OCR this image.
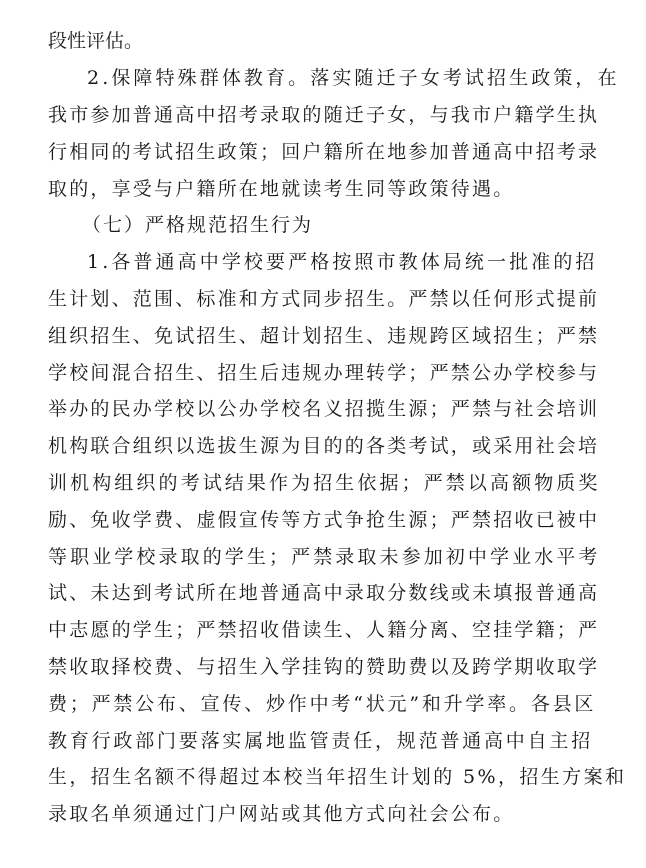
段性评估。
2.保障特殊群体教育。落实随迁子女考试招生政策，在
我市参加普通高中招考录取的随迁子女，与我市户籍学生执
行相同的考试招生政策；回户籍所在地参加普通高中招考录
取的，享受与户籍所在地就读考生同等政策待遇。
（七）严格规范招生行为
1.各普通高中学校要严格按照市教体局统一批准的招
生计划、范围、标准和方式同步招生。严禁以任何形式提前
组织招生、免试招生、超计划招生、违规跨区域招生；严禁
学校间混合招生、招生后违规办理转学；严禁公办学校参与
举办的民办学校以公办学校名义招揽生源；严禁与社会培训
机构联合组织以选拔生源为目的的各类考试，或采用社会培
训机构组织的考试结果作为招生依据；严禁以高额物质奖
励、免收学费、虚假宣传等方式争抢生源；严禁招收已被中
等职业学校录取的学生；严禁录取未参加初中学业水平考
试、未达到考试所在地普通高中录取分数线或未填报普通高
中志愿的学生；严禁招收借读生、人籍分离、空挂学籍；严
禁收取择校费、与招生入学挂钩的赞助费以及跨学期收取学
费；严禁公布、宣传、炒作中考“状元”和升学率。各县区
教育行政部门要落实属地监管责任，规范普通高中自主招
生，招生名额不得超过本校当年招生计划的 5%，招生方案和
录取名单须通过门户网站或其他方式向社会公布。
